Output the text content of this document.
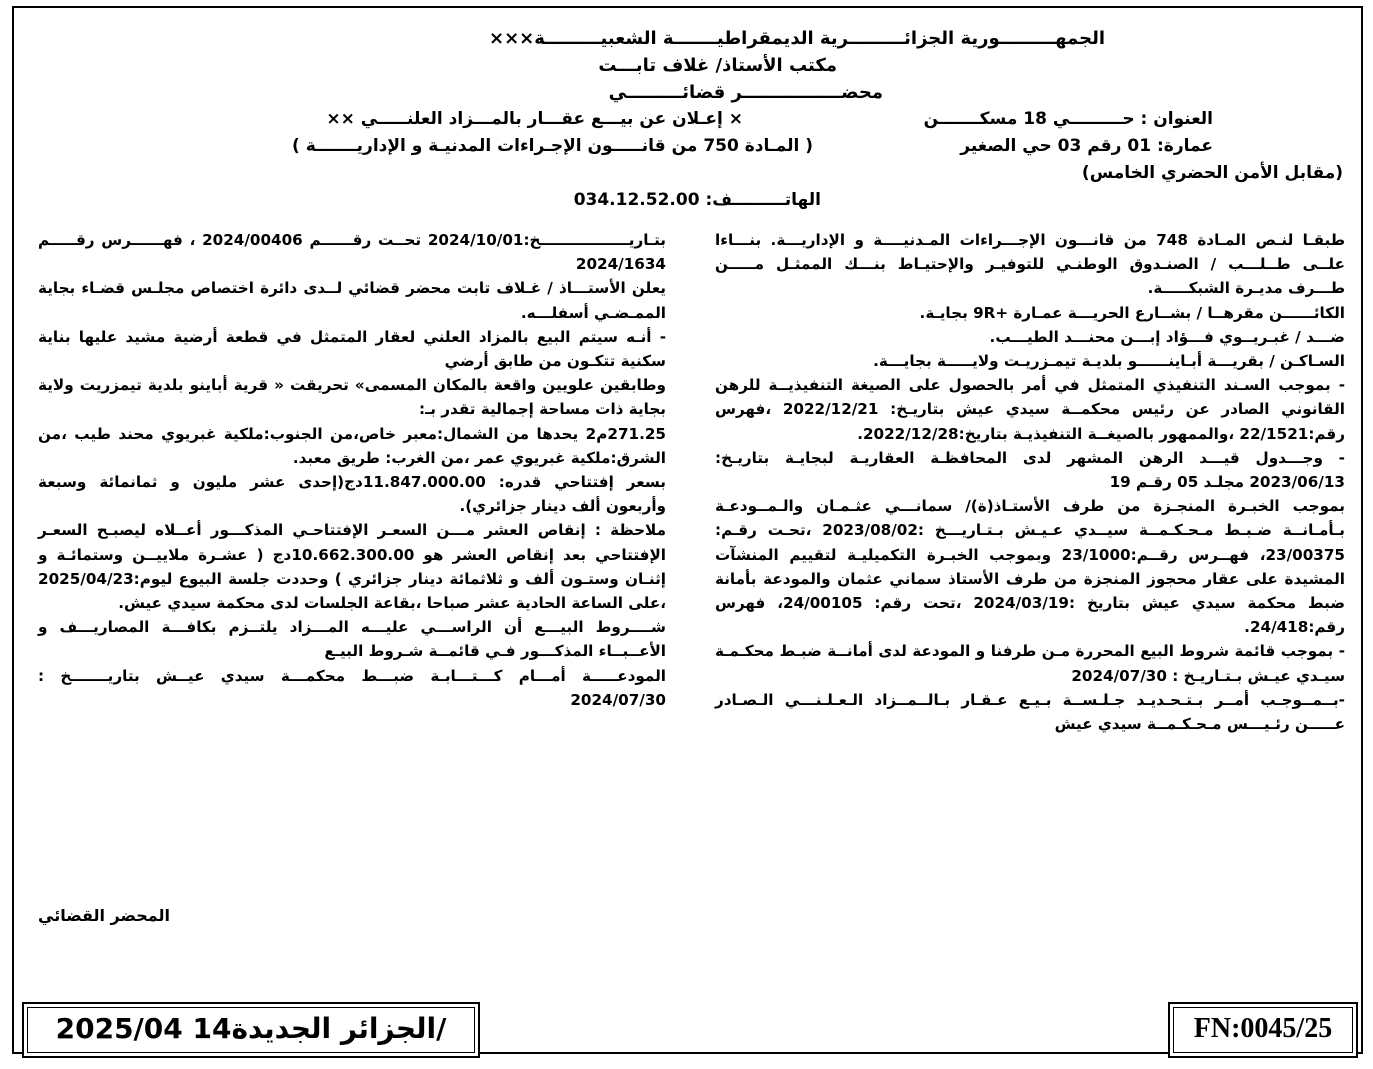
الجمهـــــــــورية الجزائـــــــــرية الديمقراطيـــــــة الشعبيـــــــــة×××
مكتب الأستاذ/ غلاف تابـــت
محضــــــــــــــــر قضائـــــــــي
العنوان : حـــــــــي 18 مسكـــــــن
عمارة: 01 رقم 03 حي الصغير
(مقابل الأمن الحضري الخامس)
× إعـلان عن بيـــع عقـــار بالمـــزاد العلنـــــي ××
( المـادة 750 من قانـــــون الإجـراءات المدنيـة و الإداريـــــــة )
الهاتـــــــــف: 034.12.52.00

طبقـا لنـص المـادة 748 من قانـــون الإجـــراءات المـدنيــــة و الإداريـــة. بنـــاءا علــى طــلـــب / الصنـدوق الوطنـي للتوفيـر والإحتيـاط بنـــك الممثـل مـــــن طـــرف مديـرة الشبكـــــة.

الكائــــــن مقرهــا / بشــارع الحريـــة عمـارة +9R بجايـة.

ضـــد / غبـريــوي فـــؤاد إبـــن محنـــد الطيـــب.

السـاكـن / بقريـــة أبـاينــــــو بلديـة تيمـزريـت ولايـــــة بجايـــة.

- بموجب السـند التنفيذي المتمثل في أمر بالحصول على الصيغة التنفيذيــة للرهن القانوني الصادر عن رئيس محكمــة سيدي عيش بتاريـخ: 2022/12/21 ،فهرس رقم:22/1521 ،والممهور بالصيغــة التنفيذيـة بتاريخ:2022/12/28.

- وجـــدول قيـــد الرهن المشهر لدى المحافظـة العقاريـة لبجايـة بتاريـخ: 2023/06/13 مجلـد 05 رقـم 19

بموجب الخبـرة المنجـزة من طرف الأستـاذ(ة)/ سمانـــي عثـمـان والـمــودعـة بـأمـانــة ضـبـط مـحـكـمــة سيــدي عـيـش بـتـاريـــخ :2023/08/02 ،تحـت رقـم: 23/00375، فهــرس رقــم:23/1000 وبموجب الخبـرة التكميليـة لتقييم المنشآت المشيدة على عقار محجوز المنجزة من طرف الأستاذ سماني عثمان والمودعة بأمانة ضبط محكمة سيدي عيش بتاريخ :2024/03/19 ،تحت رقم: 24/00105، فهرس رقم:24/418.

- بموجب قائمة شروط البيع المحررة مـن طرفنا و المودعة لدى أمانــة ضبـط محكـمـة سيـدي عيـش بـتـاريـخ : 2024/07/30

-بــمــوجـب أمــر بـتـحـديـد جـلـســة بـيـع عـقـار بـالــمــزاد الـعـلـنـــي الـصـادر عـــــن رئـيـــس مـحـكـمــة سيدي عيش

بتـاريـــــــــــــــــخ:2024/10/01 تحــت رقــــــم 2024/00406 ، فهــــــرس رقـــــم 2024/1634

يعلن الأستـــاذ / غـلاف تابت محضر قضائي لــدى دائرة اختصاص مجلـس قضـاء بجاية الممـضـي أسفلـــه.

- أنـه سيتم البيع بالمزاد العلني لعقار المتمثل في قطعة أرضية مشيد عليها بناية سكنية تتكـون من طابق أرضي

وطابقين علويين واقعة بالمكان المسمى» تحريقت « قرية أباينو بلدية تيمزريت ولاية بجاية ذات مساحة إجمالية تقدر بـ:

271.25م2 يحدها من الشمال:معبر خاص،من الجنوب:ملكية غبريوي محند طيب ،من الشرق:ملكية غبريوي عمر ،من الغرب: طريق معبد.

بسعر إفتتاحي قدره: 11.847.000.00دج(إحدى عشر مليون و ثمانمائة وسبعة وأربعون ألف دينار جزائري).

ملاحظة : إنقاص العشر مـــن السعـر الإفتتاحـي المذكـــور أعــلاه ليصبـح السعـر الإفتتاحي بعد إنقاص العشر هو 10.662.300.00دج ( عشـرة ملاييــن وستمائـة و إثنـان وستـون ألف و ثلاثمائة دينار جزائري ) وحددت جلسة البيوع ليوم:2025/04/23 ،على الساعة الحادية عشر صباحا ،بقاعة الجلسات لدى محكمة سيدي عيش.

شــــروط البيـــع أن الراســـي عليـــه المـــزاد يلتــزم بكافـــة المصاريـــف و الأعــبــاء المذكـــور فـي قائمــة شـروط البيـع

المودعـــــة أمـــام كـــتـــابـة ضبـــط محكمـــة سيدي عيــش بتاريـــــــخ : 2024/07/30

المحضر القضائي
الجزائر الجديدة14 2025/04/	FN:0045/25
